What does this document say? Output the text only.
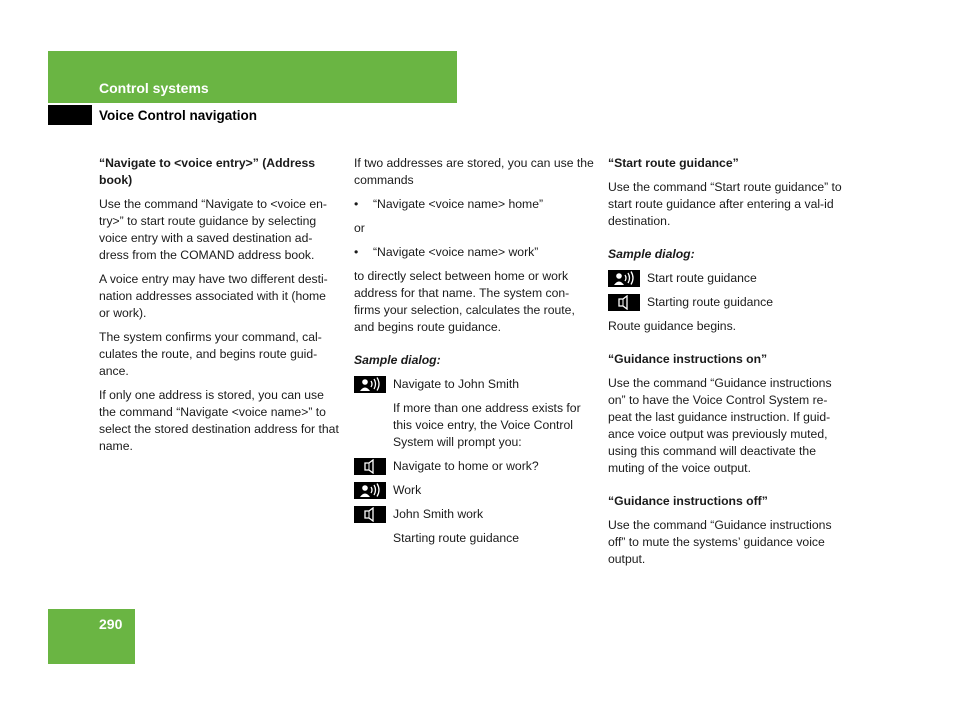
Control systems
Voice Control navigation

“Navigate to <voice entry>” (Address book)

Use the command “Navigate to <voice en-try>” to start route guidance by selecting voice entry with a saved destination ad-dress from the COMAND address book.

A voice entry may have two different desti-nation addresses associated with it (home or work).

The system confirms your command, cal-culates the route, and begins route guid-ance.

If only one address is stored, you can use the command “Navigate <voice name>” to select the stored destination address for that name.

If two addresses are stored, you can use the commands

•	“Navigate <voice name> home”

or

•	“Navigate <voice name> work”

to directly select between home or work address for that name. The system con-firms your selection, calculates the route, and begins route guidance.

Sample dialog:

Navigate to John Smith

If more than one address exists for this voice entry, the Voice Control System will prompt you:

Navigate to home or work?
Work
John Smith work

Starting route guidance

“Start route guidance”

Use the command “Start route guidance” to start route guidance after entering a val-id destination.

Sample dialog:

Start route guidance
Starting route guidance

Route guidance begins.

“Guidance instructions on”

Use the command “Guidance instructions on” to have the Voice Control System re-peat the last guidance instruction. If guid-ance voice output was previously muted, using this command will deactivate the muting of the voice output.

“Guidance instructions off”

Use the command “Guidance instructions off” to mute the systems’ guidance voice output.

290
